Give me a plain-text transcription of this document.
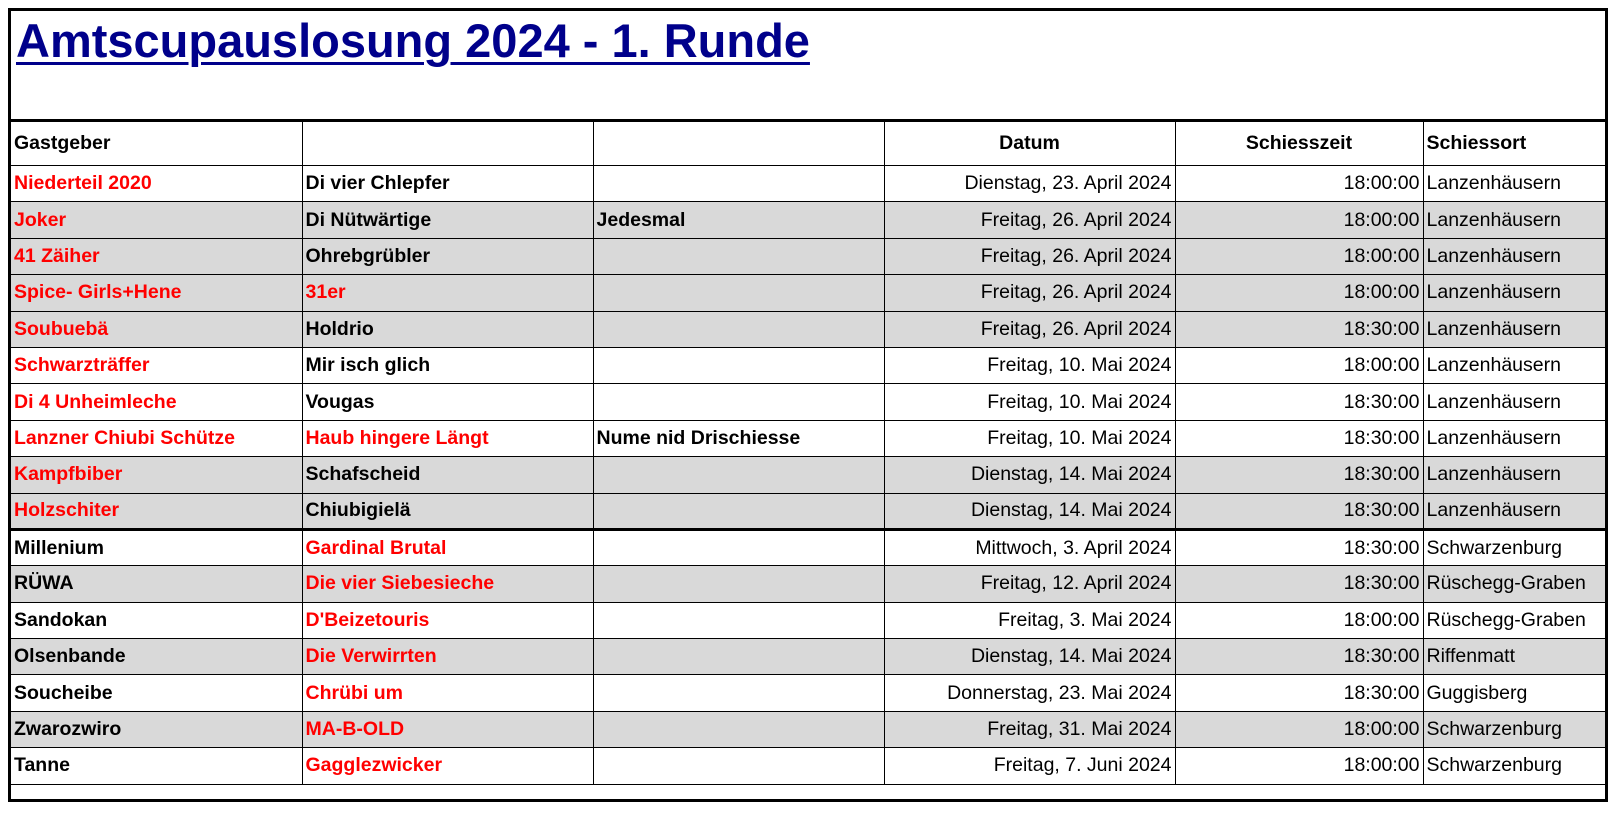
Amtscupauslosung 2024 - 1. Runde
Gastgeber			Datum	Schiesszeit	Schiessort
Niederteil 2020	Di vier Chlepfer		Dienstag, 23. April 2024	18:00:00	Lanzenhäusern
Joker	Di Nütwärtige	Jedesmal	Freitag, 26. April 2024	18:00:00	Lanzenhäusern
41 Zäiher	Ohrebgrübler		Freitag, 26. April 2024	18:00:00	Lanzenhäusern
Spice- Girls+Hene	31er		Freitag, 26. April 2024	18:00:00	Lanzenhäusern
Soubuebä	Holdrio		Freitag, 26. April 2024	18:30:00	Lanzenhäusern
Schwarzträffer	Mir isch glich		Freitag, 10. Mai 2024	18:00:00	Lanzenhäusern
Di 4 Unheimleche	Vougas		Freitag, 10. Mai 2024	18:30:00	Lanzenhäusern
Lanzner Chiubi Schütze	Haub hingere Längt	Nume nid Drischiesse	Freitag, 10. Mai 2024	18:30:00	Lanzenhäusern
Kampfbiber	Schafscheid		Dienstag, 14. Mai 2024	18:30:00	Lanzenhäusern
Holzschiter	Chiubigielä		Dienstag, 14. Mai 2024	18:30:00	Lanzenhäusern
Millenium	Gardinal Brutal		Mittwoch, 3. April 2024	18:30:00	Schwarzenburg
RÜWA	Die vier Siebesieche		Freitag, 12. April 2024	18:30:00	Rüschegg-Graben
Sandokan	D'Beizetouris		Freitag, 3. Mai 2024	18:00:00	Rüschegg-Graben
Olsenbande	Die Verwirrten		Dienstag, 14. Mai 2024	18:30:00	Riffenmatt
Soucheibe	Chrübi um		Donnerstag, 23. Mai 2024	18:30:00	Guggisberg
Zwarozwiro	MA-B-OLD		Freitag, 31. Mai 2024	18:00:00	Schwarzenburg
Tanne	Gagglezwicker		Freitag, 7. Juni 2024	18:00:00	Schwarzenburg
